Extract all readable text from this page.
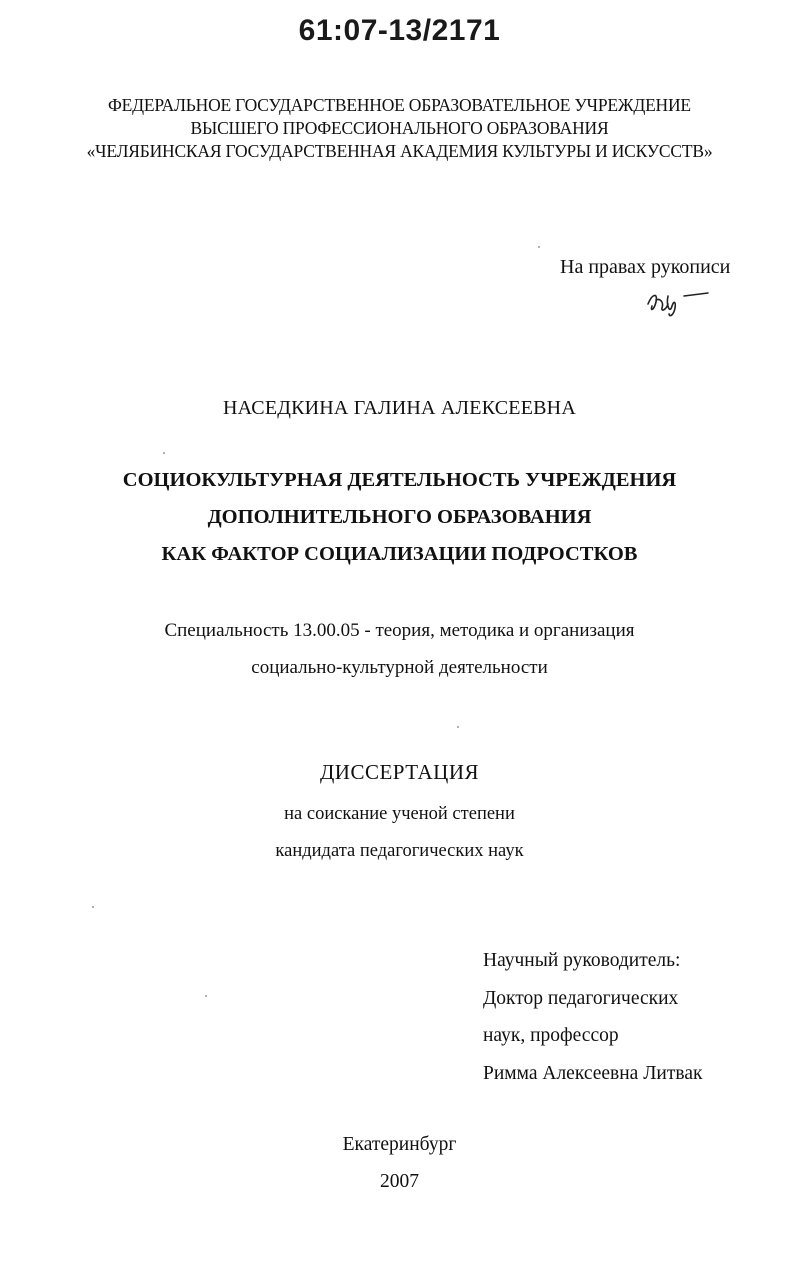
61:07-13/2171
ФЕДЕРАЛЬНОЕ ГОСУДАРСТВЕННОЕ ОБРАЗОВАТЕЛЬНОЕ УЧРЕЖДЕНИЕ
ВЫСШЕГО ПРОФЕССИОНАЛЬНОГО ОБРАЗОВАНИЯ
«ЧЕЛЯБИНСКАЯ ГОСУДАРСТВЕННАЯ АКАДЕМИЯ КУЛЬТУРЫ И ИСКУССТВ»
На правах рукописи
НАСЕДКИНА ГАЛИНА АЛЕКСЕЕВНА
СОЦИОКУЛЬТУРНАЯ ДЕЯТЕЛЬНОСТЬ УЧРЕЖДЕНИЯ
ДОПОЛНИТЕЛЬНОГО ОБРАЗОВАНИЯ
КАК ФАКТОР СОЦИАЛИЗАЦИИ ПОДРОСТКОВ
Специальность 13.00.05 - теория, методика и организация
социально-культурной деятельности
ДИССЕРТАЦИЯ
на соискание ученой степени
кандидата педагогических наук
Научный руководитель:
Доктор педагогических
наук, профессор
Римма Алексеевна Литвак
Екатеринбург
2007
